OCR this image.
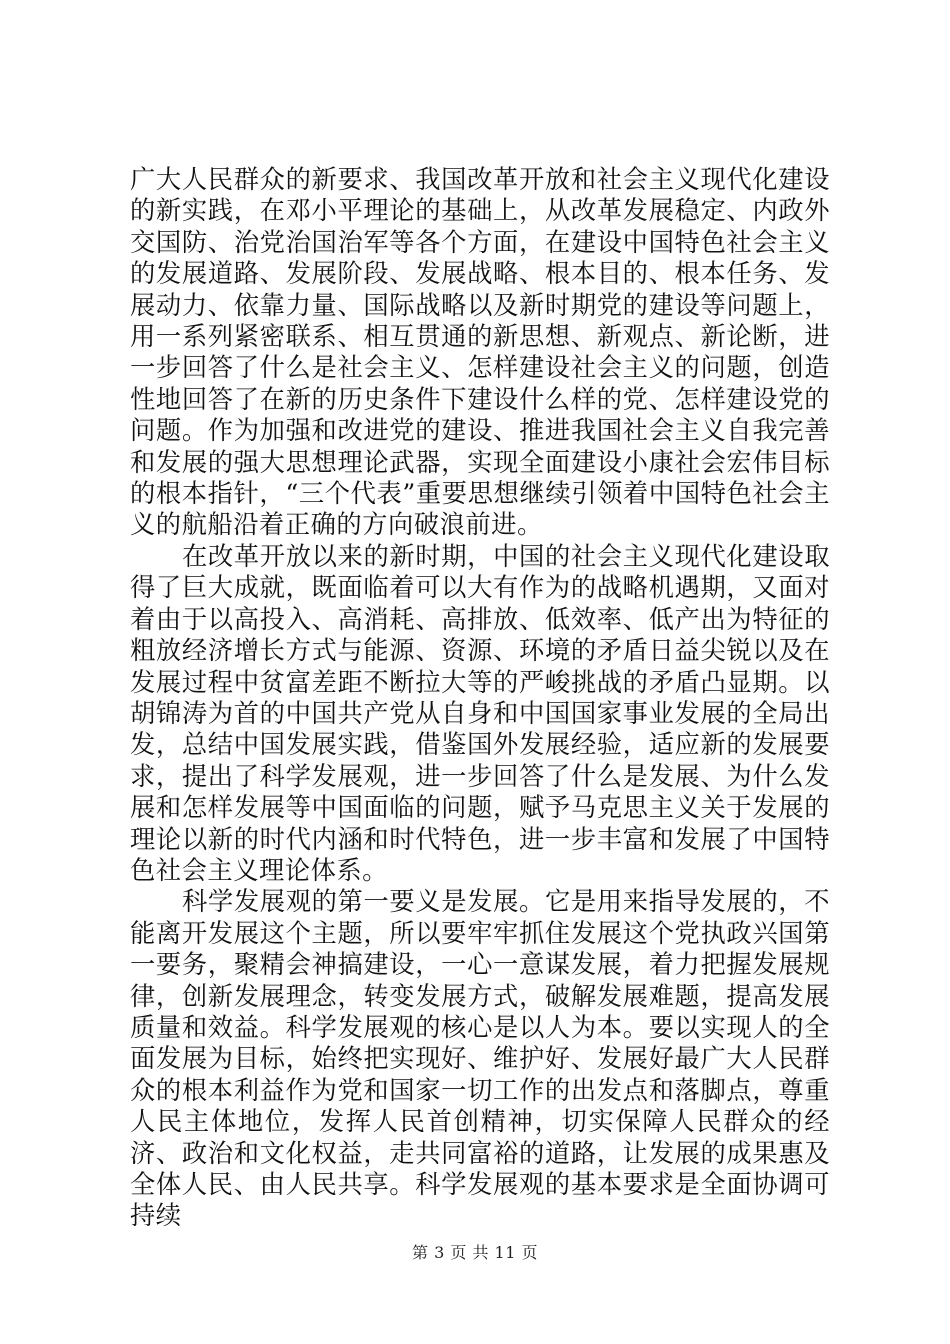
广大人民群众的新要求、我国改革开放和社会主义现代化建设的新实践，在邓小平理论的基础上，从改革发展稳定、内政外交国防、治党治国治军等各个方面，在建设中国特色社会主义的发展道路、发展阶段、发展战略、根本目的、根本任务、发展动力、依靠力量、国际战略以及新时期党的建设等问题上，用一系列紧密联系、相互贯通的新思想、新观点、新论断，进一步回答了什么是社会主义、怎样建设社会主义的问题，创造性地回答了在新的历史条件下建设什么样的党、怎样建设党的问题。作为加强和改进党的建设、推进我国社会主义自我完善和发展的强大思想理论武器，实现全面建设小康社会宏伟目标的根本指针，“三个代表”重要思想继续引领着中国特色社会主义的航船沿着正确的方向破浪前进。

在改革开放以来的新时期，中国的社会主义现代化建设取得了巨大成就，既面临着可以大有作为的战略机遇期，又面对着由于以高投入、高消耗、高排放、低效率、低产出为特征的粗放经济增长方式与能源、资源、环境的矛盾日益尖锐以及在发展过程中贫富差距不断拉大等的严峻挑战的矛盾凸显期。以胡锦涛为首的中国共产党从自身和中国国家事业发展的全局出发，总结中国发展实践，借鉴国外发展经验，适应新的发展要求，提出了科学发展观，进一步回答了什么是发展、为什么发展和怎样发展等中国面临的问题，赋予马克思主义关于发展的理论以新的时代内涵和时代特色，进一步丰富和发展了中国特色社会主义理论体系。

科学发展观的第一要义是发展。它是用来指导发展的，不能离开发展这个主题，所以要牢牢抓住发展这个党执政兴国第一要务，聚精会神搞建设，一心一意谋发展，着力把握发展规律，创新发展理念，转变发展方式，破解发展难题，提高发展质量和效益。科学发展观的核心是以人为本。要以实现人的全面发展为目标，始终把实现好、维护好、发展好最广大人民群众的根本利益作为党和国家一切工作的出发点和落脚点，尊重人民主体地位，发挥人民首创精神，切实保障人民群众的经济、政治和文化权益，走共同富裕的道路，让发展的成果惠及全体人民、由人民共享。科学发展观的基本要求是全面协调可持续

第 3 页 共 11 页
